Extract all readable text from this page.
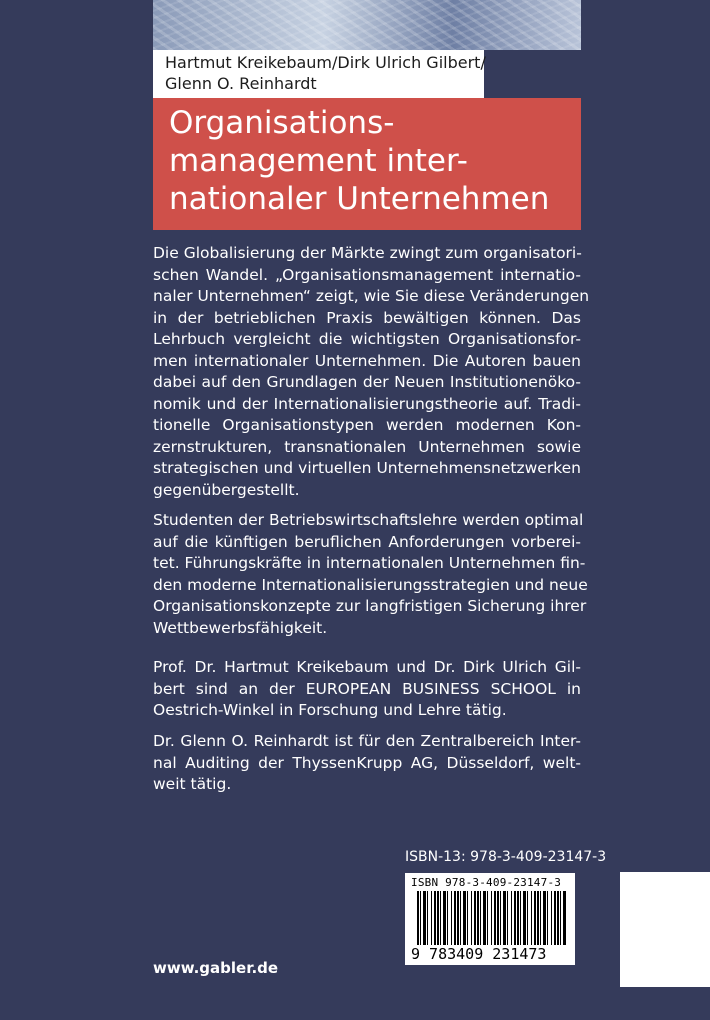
Hartmut Kreikebaum/Dirk Ulrich Gilbert/
Glenn O. Reinhardt
Organisations-
management inter-
nationaler Unternehmen
Die Globalisierung der Märkte zwingt zum organisatori-
schen Wandel. „Organisationsmanagement internatio-
naler Unternehmen“ zeigt, wie Sie diese Veränderungen
in der betrieblichen Praxis bewältigen können. Das
Lehrbuch vergleicht die wichtigsten Organisationsfor-
men internationaler Unternehmen. Die Autoren bauen
dabei auf den Grundlagen der Neuen Institutionenöko-
nomik und der Internationalisierungstheorie auf. Tradi-
tionelle Organisationstypen werden modernen Kon-
zernstrukturen, transnationalen Unternehmen sowie
strategischen und virtuellen Unternehmensnetzwerken
gegenübergestellt.
Studenten der Betriebswirtschaftslehre werden optimal
auf die künftigen beruflichen Anforderungen vorberei-
tet. Führungskräfte in internationalen Unternehmen fin-
den moderne Internationalisierungsstrategien und neue
Organisationskonzepte zur langfristigen Sicherung ihrer
Wettbewerbsfähigkeit.
Prof. Dr. Hartmut Kreikebaum und Dr. Dirk Ulrich Gil-
bert sind an der EUROPEAN BUSINESS SCHOOL in
Oestrich-Winkel in Forschung und Lehre tätig.
Dr. Glenn O. Reinhardt ist für den Zentralbereich Inter-
nal Auditing der ThyssenKrupp AG, Düsseldorf, welt-
weit tätig.
ISBN-13: 978-3-409-23147-3
ISBN 978-3-409-23147-3
9 783409 231473
www.gabler.de
